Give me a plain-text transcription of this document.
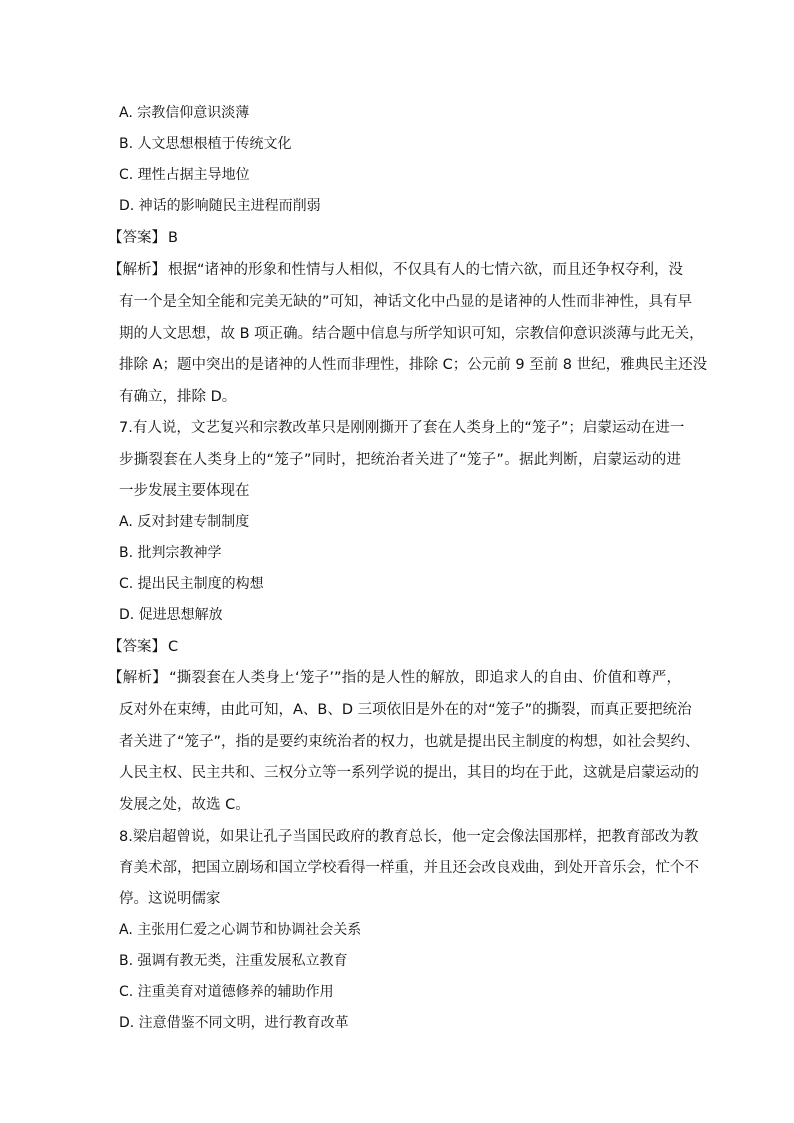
A. 宗教信仰意识淡薄
B. 人文思想根植于传统文化
C. 理性占据主导地位
D. 神话的影响随民主进程而削弱
【答案】 B
【解析】 根据“诸神的形象和性情与人相似，不仅具有人的七情六欲，而且还争权夺利，没
有一个是全知全能和完美无缺的”可知，神话文化中凸显的是诸神的人性而非神性，具有早
期的人文思想，故 B 项正确。结合题中信息与所学知识可知，宗教信仰意识淡薄与此无关，
排除 A；题中突出的是诸神的人性而非理性，排除 C；公元前 9 至前 8 世纪，雅典民主还没
有确立，排除 D。
7.有人说，文艺复兴和宗教改革只是刚刚撕开了套在人类身上的“笼子”；启蒙运动在进一
步撕裂套在人类身上的“笼子”同时，把统治者关进了“笼子”。据此判断，启蒙运动的进
一步发展主要体现在
A. 反对封建专制制度
B. 批判宗教神学
C. 提出民主制度的构想
D. 促进思想解放
【答案】 C
【解析】 “撕裂套在人类身上‘笼子’”指的是人性的解放，即追求人的自由、价值和尊严，
反对外在束缚，由此可知，A、B、D 三项依旧是外在的对“笼子”的撕裂，而真正要把统治
者关进了“笼子”，指的是要约束统治者的权力，也就是提出民主制度的构想，如社会契约、
人民主权、民主共和、三权分立等一系列学说的提出，其目的均在于此，这就是启蒙运动的
发展之处，故选 C。
8.梁启超曾说，如果让孔子当国民政府的教育总长，他一定会像法国那样，把教育部改为教
育美术部，把国立剧场和国立学校看得一样重，并且还会改良戏曲，到处开音乐会，忙个不
停。这说明儒家
A. 主张用仁爱之心调节和协调社会关系
B. 强调有教无类，注重发展私立教育
C. 注重美育对道德修养的辅助作用
D. 注意借鉴不同文明，进行教育改革
